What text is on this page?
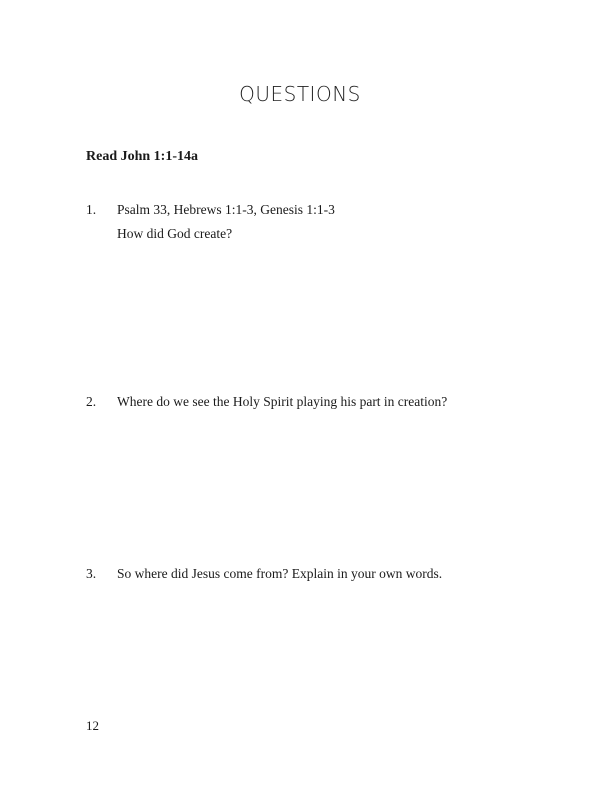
QUESTIONS
Read John 1:1-14a
1.	Psalm 33, Hebrews 1:1-3, Genesis 1:1-3
How did God create?
2.	Where do we see the Holy Spirit playing his part in creation?
3.	So where did Jesus come from? Explain in your own words.
12
